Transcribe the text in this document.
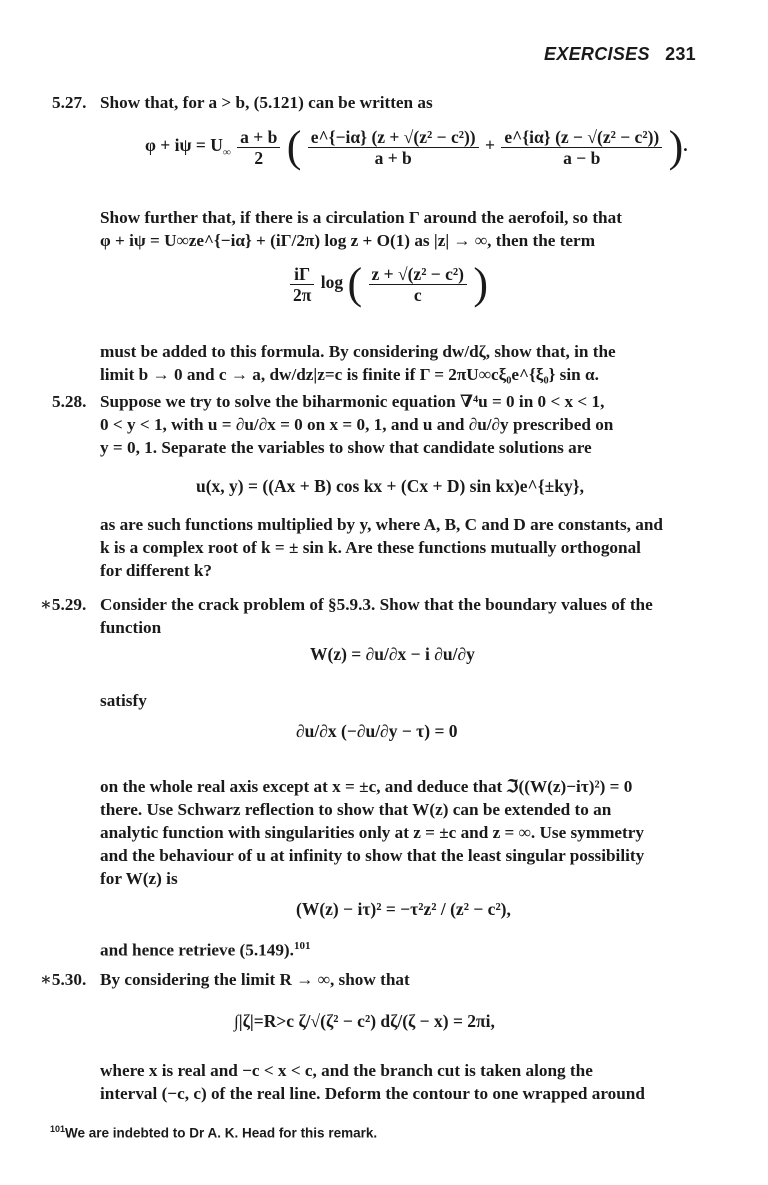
EXERCISES 231
5.27. Show that, for a > b, (5.121) can be written as
$\varphi + i\psi = U_\infty \frac{a + b}{2}$ ( $\frac{\text{e\textasciicircum{}\{−iα\} (z + √(z² − c²))}}{a + b} + \frac{\text{e\textasciicircum{}\{iα\} (z − √(z² − c²))}}{a - b}$ ).
Show further that, if there is a circulation Γ around the aerofoil, so that
φ + iψ = U∞ze^{−iα} + (iΓ/2π) log z + O(1) as |z| → ∞, then the term
$\frac{i\Gamma}{2\pi}$ log ( $\frac{\text{z + √(z² − c²)}}{c}$ )
must be added to this formula. By considering dw/dζ, show that, in the
limit b → 0 and c → a, dw/dz|z=c is finite if Γ = 2πU∞cξ₀e^{ξ₀} sin α.
5.28. Suppose we try to solve the biharmonic equation ∇⁴u = 0 in 0 < x < 1,
0 < y < 1, with u = ∂u/∂x = 0 on x = 0, 1, and u and ∂u/∂y prescribed on
y = 0, 1. Separate the variables to show that candidate solutions are
u(x, y) = ((Ax + B) cos kx + (Cx + D) sin kx)e^{±ky},
as are such functions multiplied by y, where A, B, C and D are constants, and
k is a complex root of k = ± sin k. Are these functions mutually orthogonal
for different k?
∗5.29. Consider the crack problem of §5.9.3. Show that the boundary values of the
function
W(z) = ∂u/∂x − i ∂u/∂y
satisfy
∂u/∂x (−∂u/∂y − τ) = 0
on the whole real axis except at x = ±c, and deduce that ℑ((W(z)−iτ)²) = 0
there. Use Schwarz reflection to show that W(z) can be extended to an
analytic function with singularities only at z = ±c and z = ∞. Use symmetry
and the behaviour of u at infinity to show that the least singular possibility
for W(z) is
(W(z) − iτ)² = −τ²z² / (z² − c²),
and hence retrieve (5.149).$^{101}$
∗5.30. By considering the limit R → ∞, show that
∫|ζ|=R>c ζ/√(ζ² − c²) dζ/(ζ − x) = 2πi,
where x is real and −c < x < c, and the branch cut is taken along the
interval (−c, c) of the real line. Deform the contour to one wrapped around
$^{101}$We are indebted to Dr A. K. Head for this remark.
